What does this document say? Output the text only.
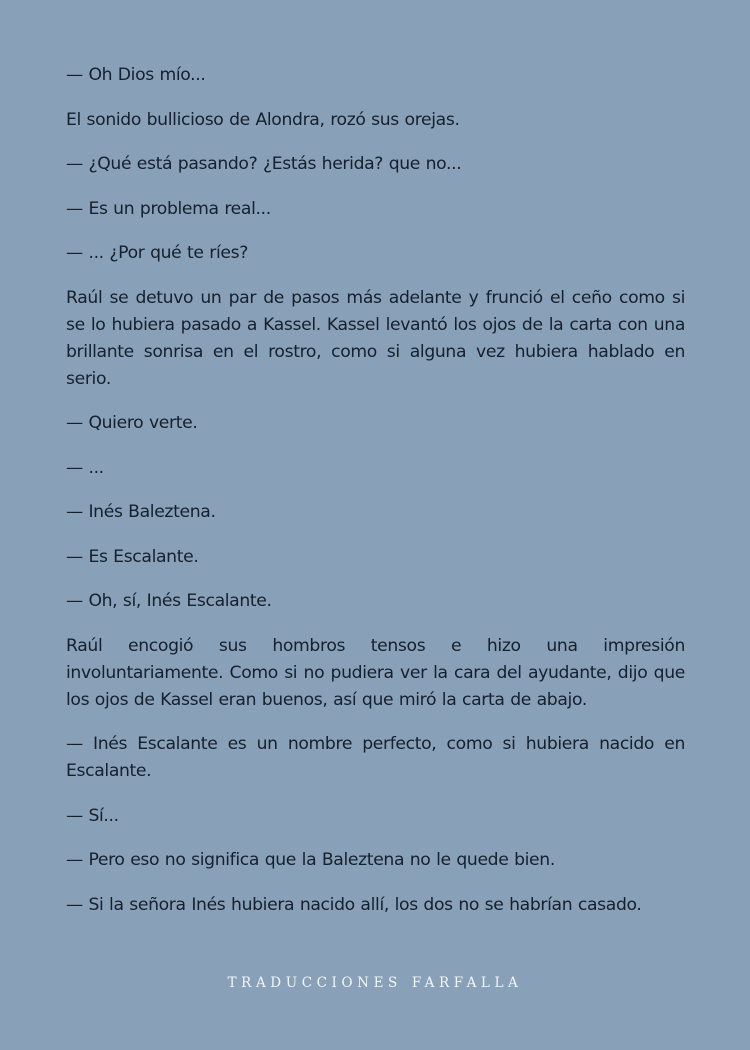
— Oh Dios mío...

El sonido bullicioso de Alondra, rozó sus orejas.

— ¿Qué está pasando? ¿Estás herida? que no...

— Es un problema real...

— ... ¿Por qué te ríes?

Raúl se detuvo un par de pasos más adelante y frunció el ceño como si se lo hubiera pasado a Kassel. Kassel levantó los ojos de la carta con una brillante sonrisa en el rostro, como si alguna vez hubiera hablado en serio.

— Quiero verte.

— ...

— Inés Baleztena.

— Es Escalante.

— Oh, sí, Inés Escalante.

Raúl encogió sus hombros tensos e hizo una impresión involuntariamente. Como si no pudiera ver la cara del ayudante, dijo que los ojos de Kassel eran buenos, así que miró la carta de abajo.

— Inés Escalante es un nombre perfecto, como si hubiera nacido en Escalante.

— Sí...

— Pero eso no significa que la Baleztena no le quede bien.

— Si la señora Inés hubiera nacido allí, los dos no se habrían casado.

TRADUCCIONES FARFALLA
